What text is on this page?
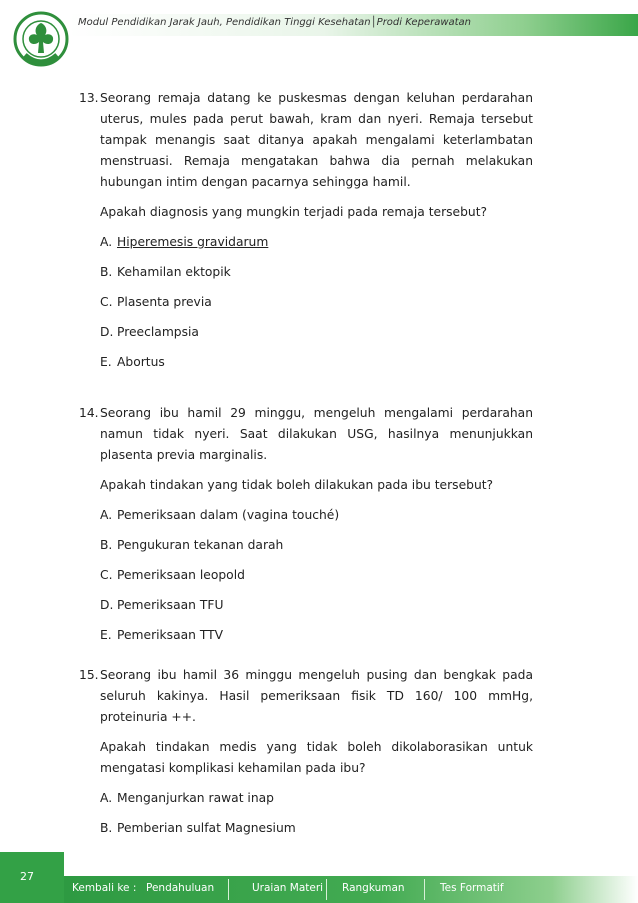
Modul Pendidikan Jarak Jauh, Pendidikan Tinggi Kesehatan│Prodi Keperawatan
13. Seorang remaja datang ke puskesmas dengan keluhan perdarahan uterus, mules pada perut bawah, kram dan nyeri. Remaja tersebut tampak menangis saat ditanya apakah mengalami keterlambatan menstruasi. Remaja mengatakan bahwa dia pernah melakukan hubungan intim dengan pacarnya sehingga hamil.
Apakah diagnosis yang mungkin terjadi pada remaja tersebut?
A. Hiperemesis gravidarum
B. Kehamilan ektopik
C. Plasenta previa
D. Preeclampsia
E. Abortus
14. Seorang ibu hamil 29 minggu, mengeluh mengalami perdarahan namun tidak nyeri. Saat dilakukan USG, hasilnya menunjukkan plasenta previa marginalis.
Apakah tindakan yang tidak boleh dilakukan pada ibu tersebut?
A. Pemeriksaan dalam (vagina touché)
B. Pengukuran tekanan darah
C. Pemeriksaan leopold
D. Pemeriksaan TFU
E. Pemeriksaan TTV
15. Seorang ibu hamil 36 minggu mengeluh pusing dan bengkak pada seluruh kakinya. Hasil pemeriksaan fisik TD 160/ 100 mmHg, proteinuria ++.
Apakah tindakan medis yang tidak boleh dikolaborasikan untuk mengatasi komplikasi kehamilan pada ibu?
A. Menganjurkan rawat inap
B. Pemberian sulfat Magnesium
27
Kembali ke : Pendahuluan	Uraian Materi Rangkuman	Tes Formatif
